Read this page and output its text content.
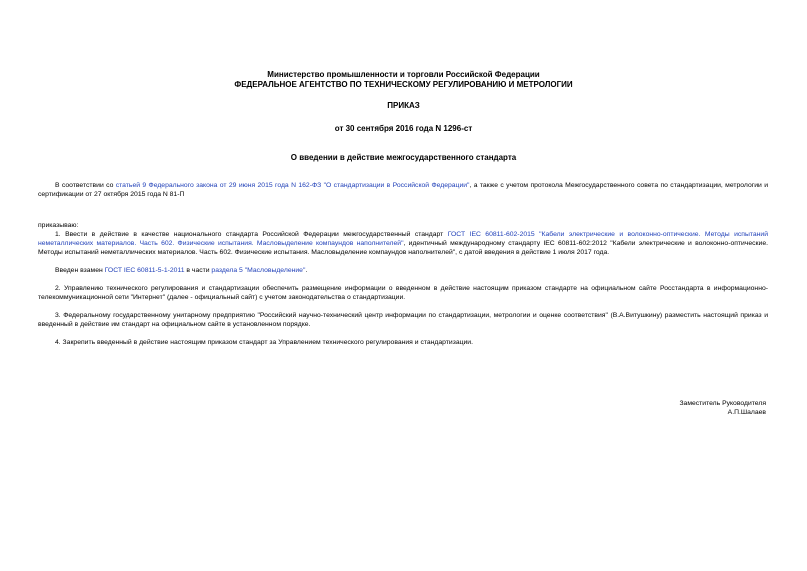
Министерство промышленности и торговли Российской Федерации
ФЕДЕРАЛЬНОЕ АГЕНТСТВО ПО ТЕХНИЧЕСКОМУ РЕГУЛИРОВАНИЮ И МЕТРОЛОГИИ
ПРИКАЗ
от 30 сентября 2016 года N 1296-ст
О введении в действие межгосударственного стандарта

В соответствии со статьей 9 Федерального закона от 29 июня 2015 года N 162-ФЗ "О стандартизации в Российской Федерации", а также с учетом протокола Межгосударственного совета по стандартизации, метрологии и сертификации от 27 октября 2015 года N 81-П

приказываю:

1. Ввести в действие в качестве национального стандарта Российской Федерации межгосударственный стандарт ГОСТ IEC 60811-602-2015 "Кабели электрические и волоконно-оптические. Методы испытаний неметаллических материалов. Часть 602. Физические испытания. Масловыделение компаундов наполнителей", идентичный международному стандарту IEC 60811-602:2012 "Кабели электрические и волоконно-оптические. Методы испытаний неметаллических материалов. Часть 602. Физические испытания. Масловыделение компаундов наполнителей", с датой введения в действие 1 июля 2017 года.

Введен взамен ГОСТ IEC 60811-5-1-2011 в части раздела 5 "Масловыделение".

2. Управлению технического регулирования и стандартизации обеспечить размещение информации о введенном в действие настоящим приказом стандарте на официальном сайте Росстандарта в информационно-телекоммуникационной сети "Интернет" (далее - официальный сайт) с учетом законодательства о стандартизации.

3. Федеральному государственному унитарному предприятию "Российский научно-технический центр информации по стандартизации, метрологии и оценке соответствия" (В.А.Витушкину) разместить настоящий приказ и введенный в действие им стандарт на официальном сайте в установленном порядке.

4. Закрепить введенный в действие настоящим приказом стандарт за Управлением технического регулирования и стандартизации.

Заместитель Руководителя
А.П.Шалаев
